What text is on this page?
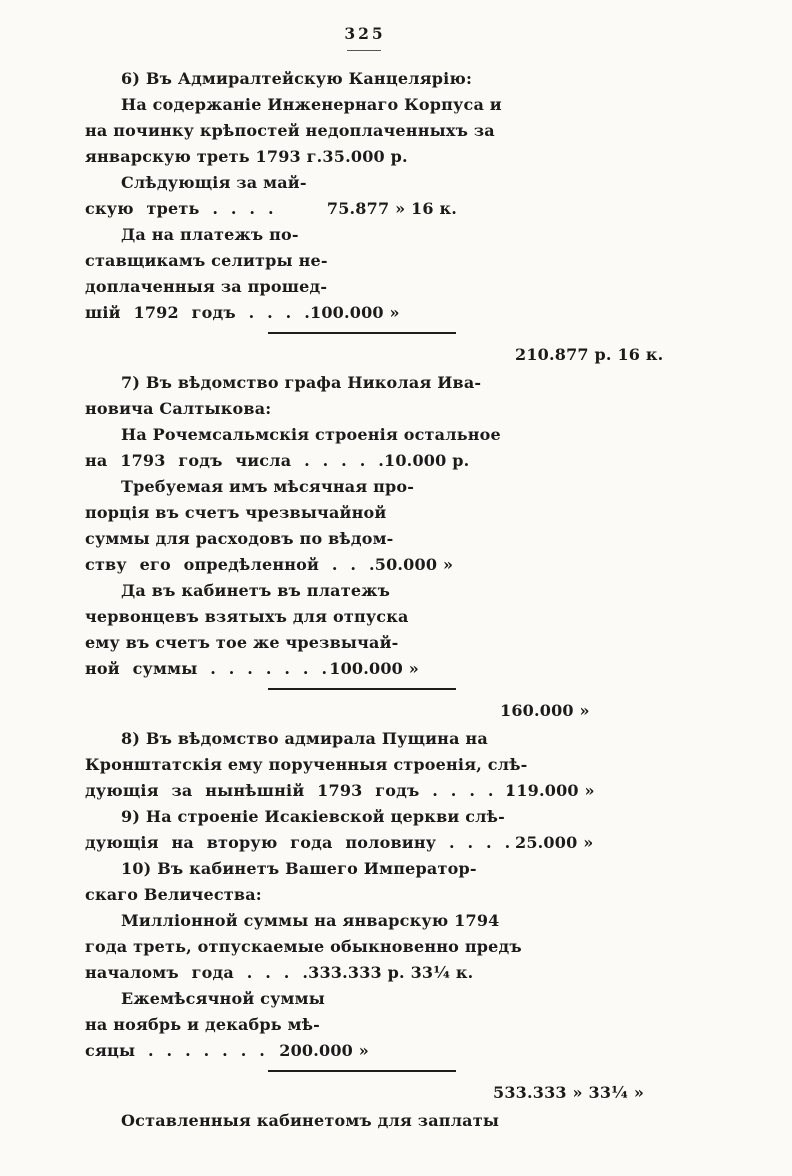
325
6) Въ Адмиралтейскую Канцелярію:
На содержаніе Инженернаго Корпуса и
на починку крѣпостей недоплаченныхъ за
январскую треть 1793 г. 35.000 р.
Слѣдующія за май-
скую треть . . . .	75.877 » 16 к.
Да на платежъ по-
ставщикамъ селитры не-
доплаченныя за прошед-
шій 1792 годъ . . . . 100.000 »
210.877 р. 16 к.
7) Въ вѣдомство графа Николая Ива-
новича Салтыкова:
На Рочемсальмскія строенія остальное
на 1793 годъ числа . . . . . 10.000 р.
Требуемая имъ мѣсячная про-
порція въ счетъ чрезвычайной
суммы для расходовъ по вѣдом-
ству его опредѣленной . . . 50.000 »
Да въ кабинетъ въ платежъ
червонцевъ взятыхъ для отпуска
ему въ счетъ тое же чрезвычай-
ной суммы . . . . . . . 100.000 »
160.000 »
8) Въ вѣдомство адмирала Пущина на
Кронштатскія ему порученныя строенія, слѣ-
дующія за нынѣшній 1793 годъ . . . . .
119.000 »
9) На строеніе Исакіевской церкви слѣ-
дующія на вторую года половину . . . . 25.000 »
10) Въ кабинетъ Вашего Император-
скаго Величества:
Милліонной суммы на январскую 1794
года треть, отпускаемые обыкновенно предъ
началомъ года . . . . 333.333 р. 33¼ к.
Ежемѣсячной суммы
на ноябрь и декабрь мѣ-
сяцы . . . . . . . 200.000 »
533.333 » 33¼ »
Оставленныя кабинетомъ для заплаты
